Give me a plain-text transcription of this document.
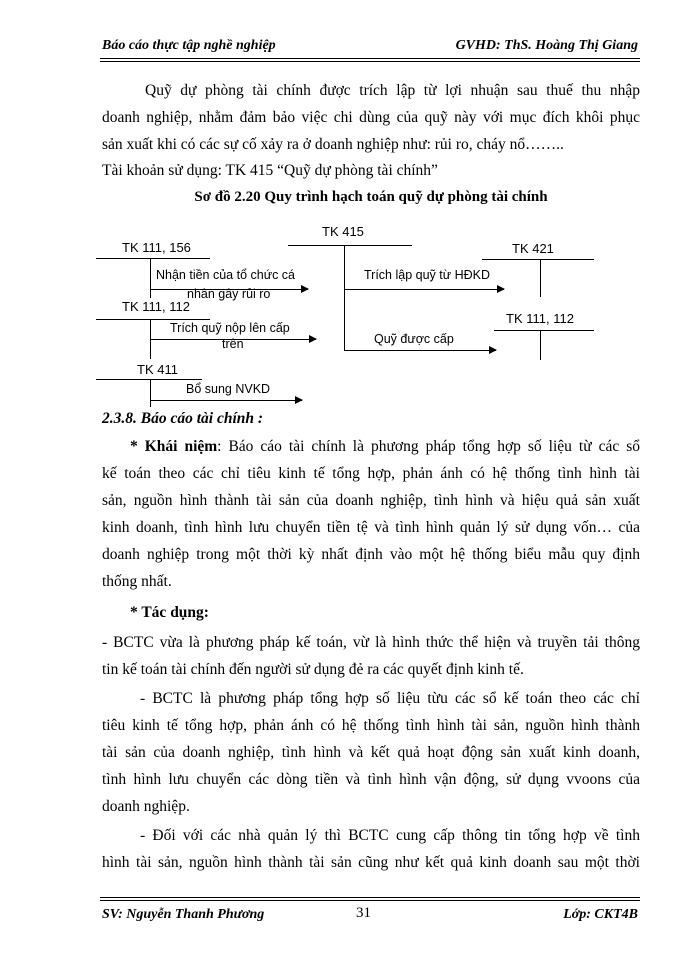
Báo cáo thực tập nghề nghiệp	GVHD: ThS. Hoàng Thị Giang
Quỹ dự phòng tài chính được trích lập từ lợi nhuận sau thuế thu nhập
doanh nghiệp, nhằm đảm bảo việc chi dùng của quỹ này với mục đích khôi phục
sản xuất khi có các sự cố xảy ra ở doanh nghiệp như: rủi ro, cháy nổ……..
Tài khoản sử dụng: TK 415 “Quỹ dự phòng tài chính”
Sơ đồ 2.20 Quy trình hạch toán quỹ dự phòng tài chính
TK 415
TK 111, 156
Nhận tiền của tổ chức cá
nhân gây rủi ro
TK 421
Trích lập quỹ từ HĐKD
TK 111, 112
Trích quỹ nộp lên cấp
trên
TK 111, 112
Quỹ được cấp
TK 411
Bổ sung NVKD
2.3.8. Báo cáo tài chính :
* Khái niệm: Báo cáo tài chính là phương pháp tổng hợp số liệu từ các sổ
kế toán theo các chỉ tiêu kinh tế tổng hợp, phản ánh có hệ thống tình hình tài
sản, nguồn hình thành tài sản của doanh nghiệp, tình hình và hiệu quả sản xuất
kinh doanh, tình hình lưu chuyển tiền tệ và tình hình quản lý sử dụng vốn… của
doanh nghiệp trong một thời kỳ nhất định vào một hệ thống biểu mẫu quy định
thống nhất.
* Tác dụng:
- BCTC vừa là phương pháp kế toán, vừ là hình thức thể hiện và truyền tải thông
tin kế toán tài chính đến người sử dụng đẻ ra các quyết định kinh tế.
- BCTC là phương pháp tổng hợp số liệu từu các sổ kế toán theo các chỉ
tiêu kinh tế tổng hợp, phản ánh có hệ thống tình hình tài sản, nguồn hình thành
tài sản của doanh nghiệp, tình hình và kết quả hoạt động sản xuất kinh doanh,
tình hình lưu chuyển các dòng tiền và tình hình vận động, sử dụng vvoons của
doanh nghiệp.
- Đối với các nhà quản lý thì BCTC cung cấp thông tin tổng hợp về tình
hình tài sản, nguồn hình thành tài sản cũng như kết quả kinh doanh sau một thời
SV: Nguyễn Thanh Phương	31	Lớp: CKT4B
